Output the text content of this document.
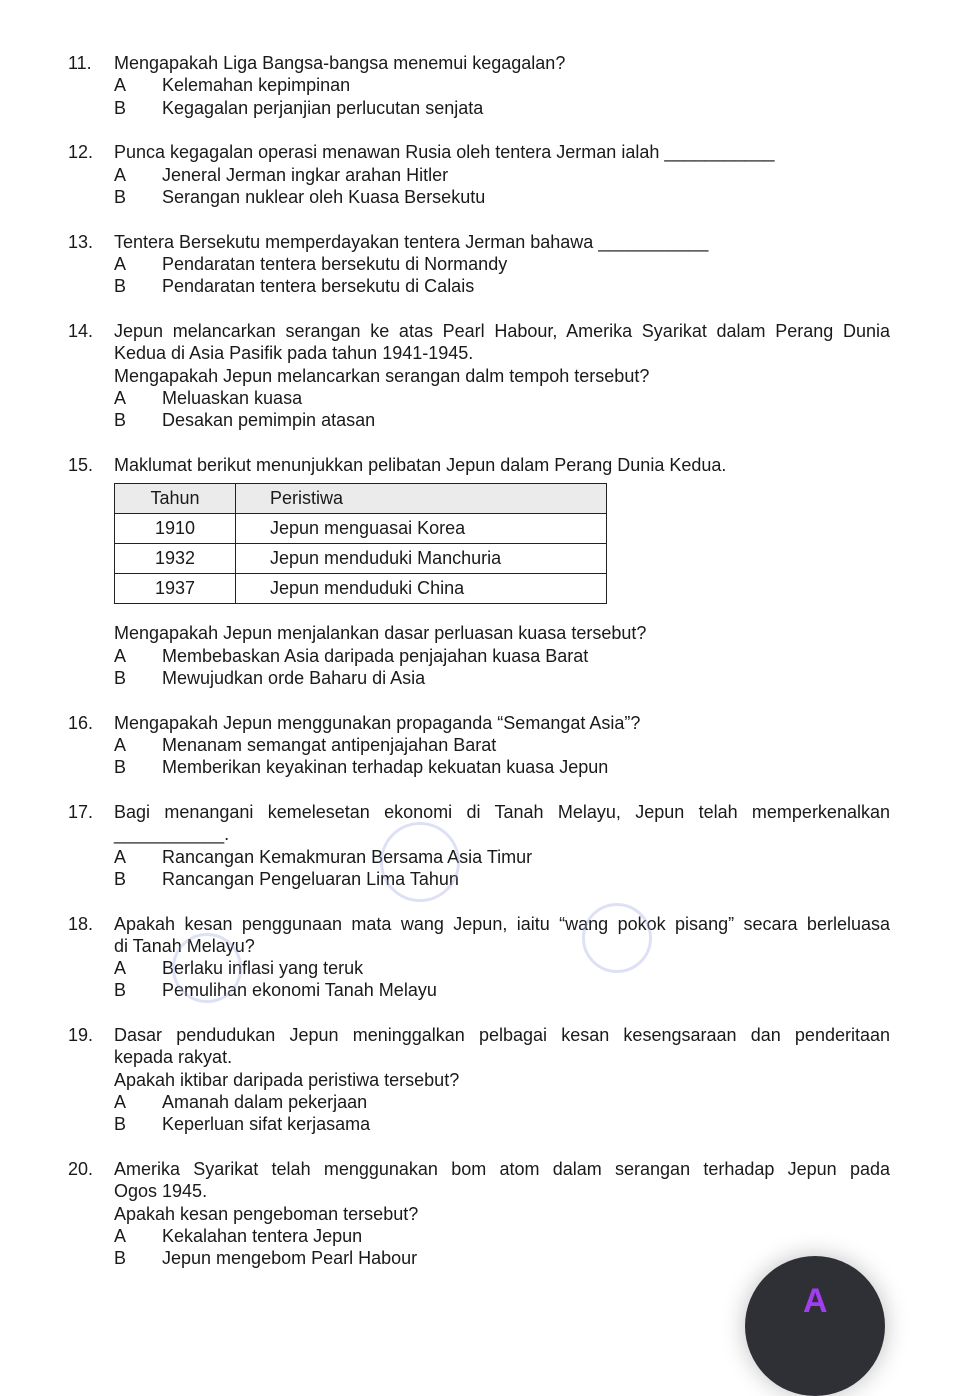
11. Mengapakah Liga Bangsa-bangsa menemui kegagalan?
A Kelemahan kepimpinan
B Kegagalan perjanjian perlucutan senjata
12. Punca kegagalan operasi menawan Rusia oleh tentera Jerman ialah ___________
A Jeneral Jerman ingkar arahan Hitler
B Serangan nuklear oleh Kuasa Bersekutu
13. Tentera Bersekutu memperdayakan tentera Jerman bahawa ___________
A Pendaratan tentera bersekutu di Normandy
B Pendaratan tentera bersekutu di Calais
14. Jepun melancarkan serangan ke atas Pearl Habour, Amerika Syarikat dalam Perang Dunia
Kedua di Asia Pasifik pada tahun 1941-1945.
Mengapakah Jepun melancarkan serangan dalm tempoh tersebut?
A Meluaskan kuasa
B Desakan pemimpin atasan
15. Maklumat berikut menunjukkan pelibatan Jepun dalam Perang Dunia Kedua.
Tahun	Peristiwa
1910	Jepun menguasai Korea
1932	Jepun menduduki Manchuria
1937	Jepun menduduki China
Mengapakah Jepun menjalankan dasar perluasan kuasa tersebut?
A Membebaskan Asia daripada penjajahan kuasa Barat
B Mewujudkan orde Baharu di Asia
16. Mengapakah Jepun menggunakan propaganda “Semangat Asia”?
A Menanam semangat antipenjajahan Barat
B Memberikan keyakinan terhadap kekuatan kuasa Jepun
17. Bagi menangani kemelesetan ekonomi di Tanah Melayu, Jepun telah memperkenalkan
___________.
A Rancangan Kemakmuran Bersama Asia Timur
B Rancangan Pengeluaran Lima Tahun
18. Apakah kesan penggunaan mata wang Jepun, iaitu “wang pokok pisang” secara berleluasa
di Tanah Melayu?
A Berlaku inflasi yang teruk
B Pemulihan ekonomi Tanah Melayu
19. Dasar pendudukan Jepun meninggalkan pelbagai kesan kesengsaraan dan penderitaan
kepada rakyat.
Apakah iktibar daripada peristiwa tersebut?
A Amanah dalam pekerjaan
B Keperluan sifat kerjasama
20. Amerika Syarikat telah menggunakan bom atom dalam serangan terhadap Jepun pada
Ogos 1945.
Apakah kesan pengeboman tersebut?
A Kekalahan tentera Jepun
B Jepun mengebom Pearl Habour
A
